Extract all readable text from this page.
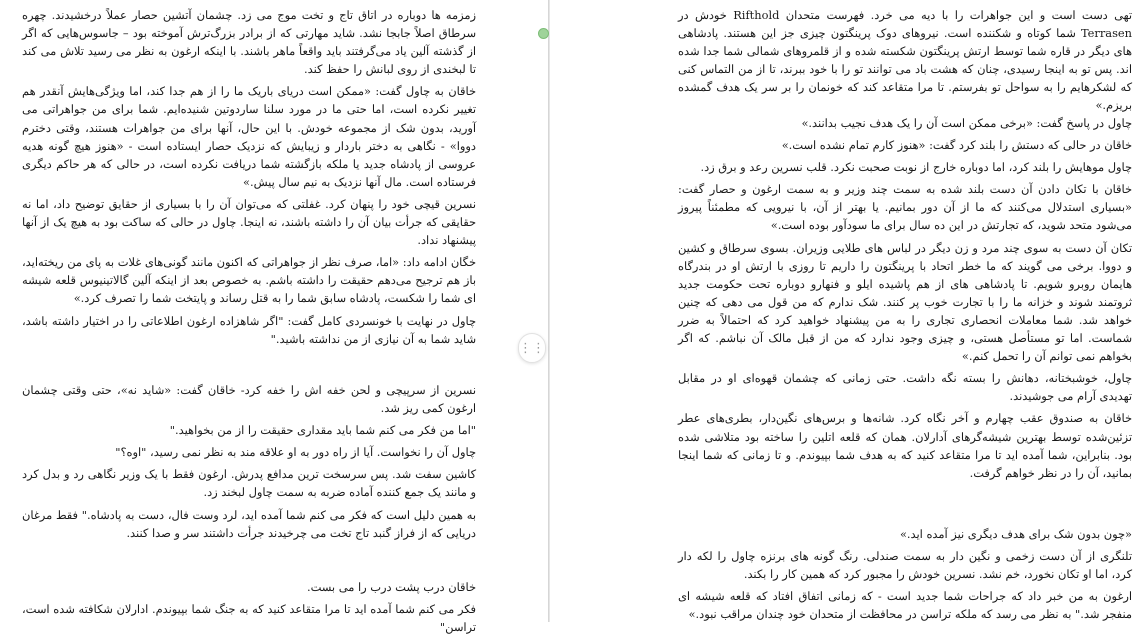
زمزمه ها دوباره در اتاق تاج و تخت موج می زد. چشمان آتشین حصار عملاً درخشیدند. چهره سرطاق اصلاً جابجا نشد. شاید مهارتی که از برادر بزرگ‌ترش آموخته بود – جاسوس‌هایی که اگر از گذشته آلین یاد می‌گرفتند باید واقعاً ماهر باشند. با اینکه ارغون به نظر می رسید تلاش می کند تا لبخندی از روی لبانش را حفظ کند.

خاقان به چاول گفت: «ممکن است دریای باریک ما را از هم جدا کند، اما ویژگی‌هایش آنقدر هم تغییر نکرده است، اما حتی ما در مورد سلنا ساردوتین شنیده‌ایم. شما برای من جواهراتی می آورید، بدون شک از مجموعه خودش. با این حال، آنها برای من جواهرات هستند، وقتی دخترم دووا» - نگاهی به دختر باردار و زیبایش که نزدیک حصار ایستاده است - «هنوز هیچ گونه هدیه عروسی از پادشاه جدید یا ملکه بازگشته شما دریافت نکرده است، در حالی که هر حاکم دیگری فرستاده است. مال آنها نزدیک به نیم سال پیش.»

نسرین قیچی خود را پنهان کرد. غفلتی که می‌توان آن را با بسیاری از حقایق توضیح داد، اما نه حقایقی که جرأت بیان آن را داشته باشند، نه اینجا. چاول در حالی که ساکت بود به هیچ یک از آنها پیشنهاد نداد.

خگان ادامه داد: «اما، صرف نظر از جواهراتی که اکنون مانند گونی‌های غلات به پای من ریخته‌اید، باز هم ترجیح می‌دهم حقیقت را داشته باشم. به خصوص بعد از اینکه آلین گالاتینیوس قلعه شیشه ای شما را شکست، پادشاه سابق شما را به قتل رساند و پایتخت شما را تصرف کرد.»

چاول در نهایت با خونسردی کامل گفت: "اگر شاهزاده ارغون اطلاعاتی را در اختیار داشته باشد، شاید شما به آن نیازی از من نداشته باشید."

نسرین از سرپیچی و لحن خفه اش را خفه کرد- خاقان گفت: «شاید نه»، حتی وقتی چشمان ارغون کمی ریز شد.

"اما من فکر می کنم شما باید مقداری حقیقت را از من بخواهید."

چاول آن را نخواست. آیا از راه دور به او علاقه مند به نظر نمی رسید، "اوه؟"

کاشین سفت شد. پس سرسخت ترین مدافع پدرش. ارغون فقط با یک وزیر نگاهی رد و بدل کرد و مانند یک جمع کننده آماده ضربه به سمت چاول لبخند زد.

به همین دلیل است که فکر می کنم شما آمده اید، لرد وست فال، دست به پادشاه." فقط مرغان دریایی که از فراز گنبد تاج تخت می چرخیدند جرأت داشتند سر و صدا کنند.

خاقان درب پشت درب را می بست.

فکر می کنم شما آمده اید تا مرا متقاعد کنید که به جنگ شما بپیوندم. ادارلان شکافته شده است، تراسن"

⋮⋮

تهی دست است و این جواهرات را با دیه می خرد. فهرست متحدان Rifthold خودش در Terrasen شما کوتاه و شکننده است. نیروهای دوک پرینگتون چیزی جز این هستند. پادشاهی های دیگر در قاره شما توسط ارتش پرینگتون شکسته شده و از قلمروهای شمالی شما جدا شده اند. پس تو به اینجا رسیدی، چنان که هشت باد می توانند تو را با خود ببرند، تا از من التماس کنی که لشکرهایم را به سواحل تو بفرستم. تا مرا متقاعد کند که خونمان را بر سر یک هدف گمشده بریزم.»

چاول در پاسخ گفت: «برخی ممکن است آن را یک هدف نجیب بدانند.»

خاقان در حالی که دستش را بلند کرد گفت: «هنوز کارم تمام نشده است.»

چاول موهایش را بلند کرد، اما دوباره خارج از نوبت صحبت نکرد. قلب نسرین رعد و برق زد.

خاقان با تکان دادن آن دست بلند شده به سمت چند وزیر و به سمت ارغون و حصار گفت: «بسیاری استدلال می‌کنند که ما از آن دور بمانیم. یا بهتر از آن، با نیرویی که مطمئناً پیروز می‌شود متحد شوید، که تجارتش در این ده سال برای ما سودآور بوده است.»

تکان آن دست به سوی چند مرد و زن دیگر در لباس های طلایی وزیران. بسوی سرطاق و کشین و دووا. برخی می گویند که ما خطر اتحاد با پرینگتون را داریم تا روزی با ارتش او در بندرگاه هایمان روبرو شویم. تا پادشاهی های از هم پاشیده ایلو و فنهارو دوباره تحت حکومت جدید ثروتمند شوند و خزانه ما را با تجارت خوب پر کنند. شک ندارم که من قول می دهی که چنین خواهد شد. شما معاملات انحصاری تجاری را به من پیشنهاد خواهید کرد که احتمالاً به ضرر شماست. اما تو مستأصل هستی، و چیزی وجود ندارد که من از قبل مالک آن نباشم. که اگر بخواهم نمی توانم آن را تحمل کنم.»

چاول، خوشبختانه، دهانش را بسته نگه داشت. حتی زمانی که چشمان قهوه‌ای او در مقابل تهدیدی آرام می جوشیدند.

خاقان به صندوق عقب چهارم و آخر نگاه کرد. شانه‌ها و برس‌های نگین‌دار، بطری‌های عطر تزئین‌شده توسط بهترین شیشه‌گرهای آدارلان. همان که قلعه اتلین را ساخته بود متلاشی شده بود. بنابراین، شما آمده اید تا مرا متقاعد کنید که به هدف شما بپیوندم. و تا زمانی که شما اینجا بمانید، آن را در نظر خواهم گرفت.

«چون بدون شک برای هدف دیگری نیز آمده اید.»

تلنگری از آن دست زخمی و نگین دار به سمت صندلی. رنگ گونه های برنزه چاول را لکه دار کرد، اما او تکان نخورد، خم نشد. نسرین خودش را مجبور کرد که همین کار را بکند.

ارغون به من خبر داد که جراحات شما جدید است - که زمانی اتفاق افتاد که قلعه شیشه ای منفجر شد." به نظر می رسد که ملکه تراسن در محافظت از متحدان خود چندان مراقب نبود.»
